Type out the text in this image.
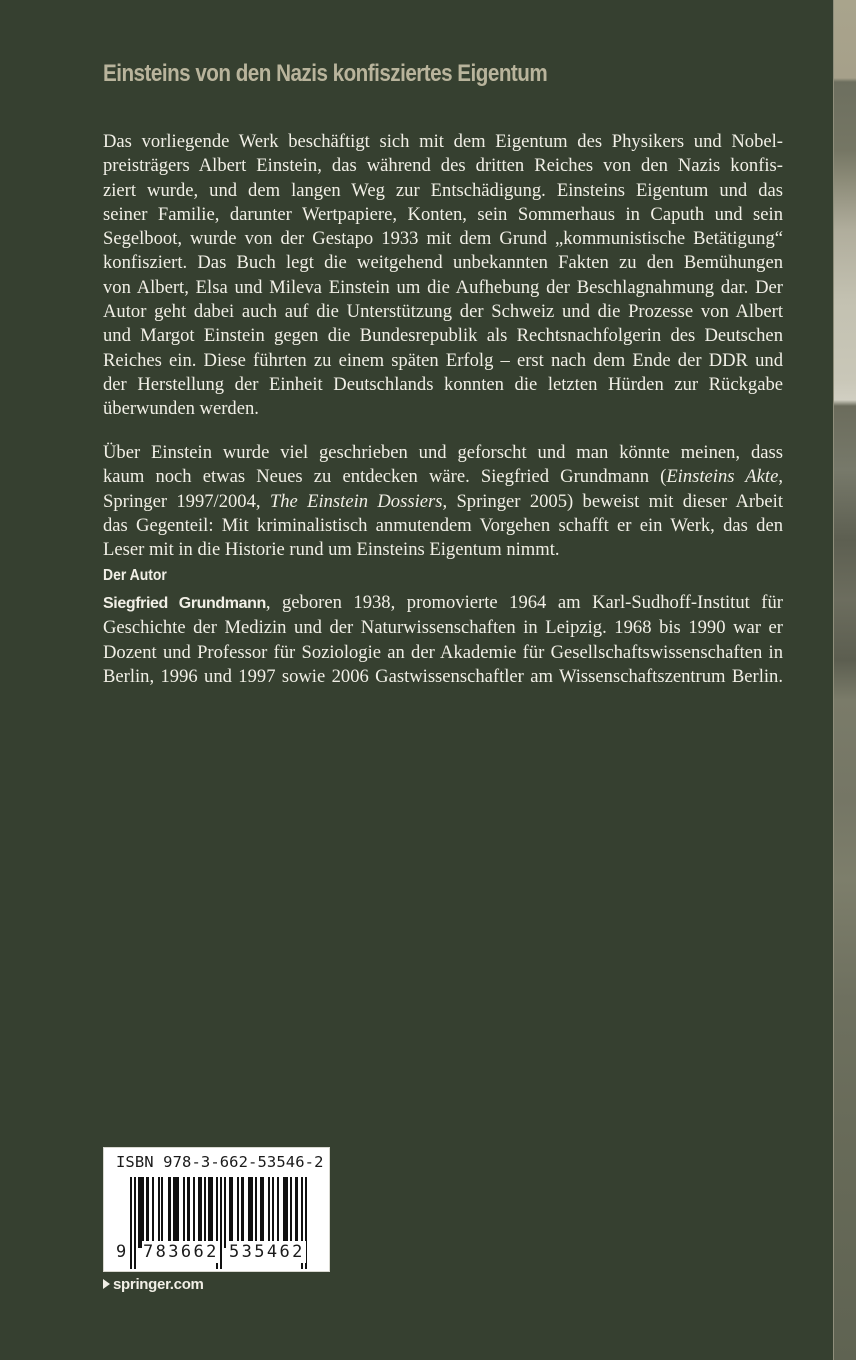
Einsteins von den Nazis konfisziertes Eigentum
Das vorliegende Werk beschäftigt sich mit dem Eigentum des Physikers und Nobel-
preisträgers Albert Einstein, das während des dritten Reiches von den Nazis konfis-
ziert wurde, und dem langen Weg zur Entschädigung. Einsteins Eigentum und das
seiner Familie, darunter Wertpapiere, Konten, sein Sommerhaus in Caputh und sein
Segelboot, wurde von der Gestapo 1933 mit dem Grund „kommunistische Betätigung“
konfisziert. Das Buch legt die weitgehend unbekannten Fakten zu den Bemühungen
von Albert, Elsa und Mileva Einstein um die Aufhebung der Beschlagnahmung dar. Der
Autor geht dabei auch auf die Unterstützung der Schweiz und die Prozesse von Albert
und Margot Einstein gegen die Bundesrepublik als Rechtsnachfolgerin des Deutschen
Reiches ein. Diese führten zu einem späten Erfolg – erst nach dem Ende der DDR und
der Herstellung der Einheit Deutschlands konnten die letzten Hürden zur Rückgabe
überwunden werden.
Über Einstein wurde viel geschrieben und geforscht und man könnte meinen, dass
kaum noch etwas Neues zu entdecken wäre. Siegfried Grundmann (Einsteins Akte,
Springer 1997/2004, The Einstein Dossiers, Springer 2005) beweist mit dieser Arbeit
das Gegenteil: Mit kriminalistisch anmutendem Vorgehen schafft er ein Werk, das den
Leser mit in die Historie rund um Einsteins Eigentum nimmt.
Der Autor
Siegfried Grundmann, geboren 1938, promovierte 1964 am Karl-Sudhoff-Institut für
Geschichte der Medizin und der Naturwissenschaften in Leipzig. 1968 bis 1990 war er
Dozent und Professor für Soziologie an der Akademie für Gesellschaftswissenschaften in
Berlin, 1996 und 1997 sowie 2006 Gastwissenschaftler am Wissenschaftszentrum Berlin.
ISBN 978-3-662-53546-2
9 783662 535462
springer.com
